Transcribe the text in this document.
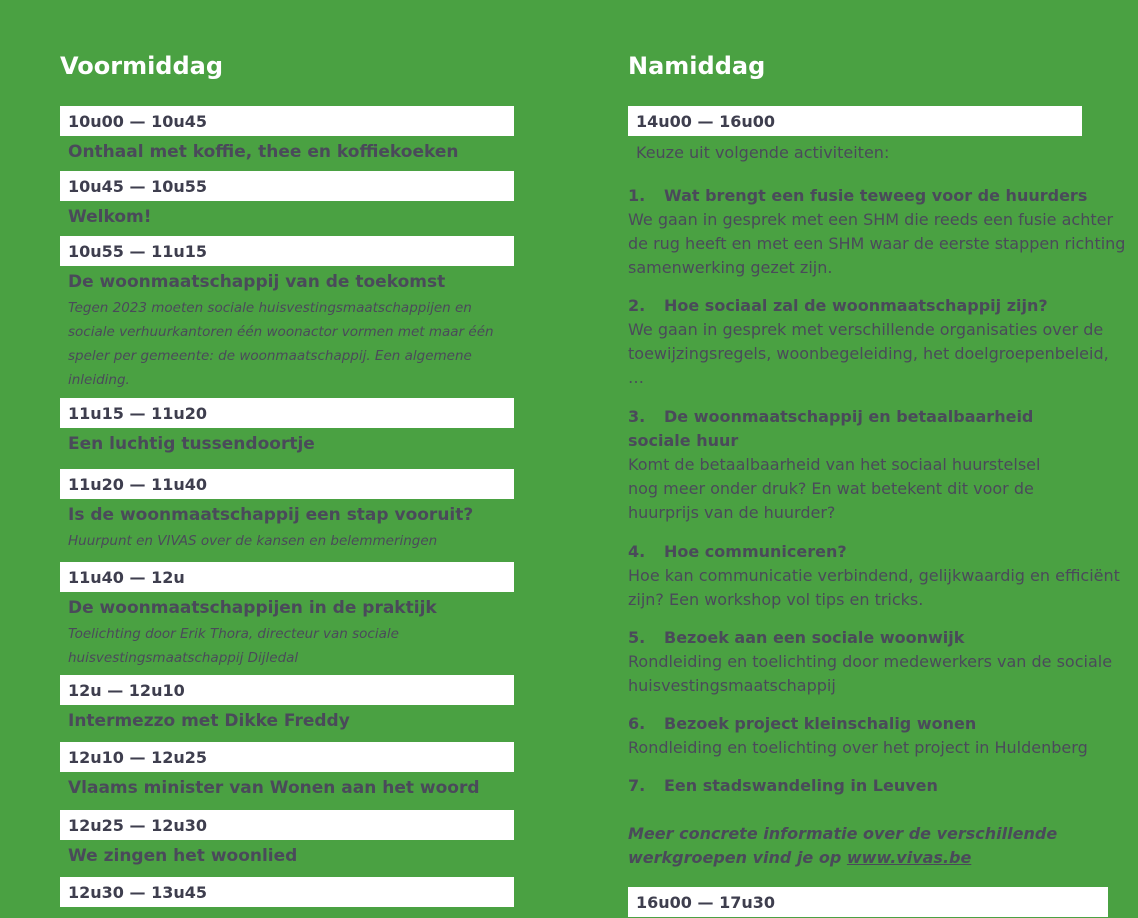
Voormiddag	Namiddag
10u00 — 10u45
Onthaal met koffie, thee en koffiekoeken
10u45 — 10u55
Welkom!
10u55 — 11u15
De woonmaatschappij van de toekomst
Tegen 2023 moeten sociale huisvestingsmaatschappijen en sociale verhuurkantoren één woonactor vormen met maar één speler per gemeente: de woonmaatschappij. Een algemene inleiding.
11u15 — 11u20
Een luchtig tussendoortje
11u20 — 11u40
Is de woonmaatschappij een stap vooruit?
Huurpunt en VIVAS over de kansen en belemmeringen
11u40 — 12u
De woonmaatschappijen in de praktijk
Toelichting door Erik Thora, directeur van sociale huisvestingsmaatschappij Dijledal
12u — 12u10
Intermezzo met Dikke Freddy
12u10 — 12u25
Vlaams minister van Wonen aan het woord
12u25 — 12u30
We zingen het woonlied
12u30 — 13u45
14u00 — 16u00
Keuze uit volgende activiteiten:
1. Wat brengt een fusie teweeg voor de huurders
We gaan in gesprek met een SHM die reeds een fusie achter de rug heeft en met een SHM waar de eerste stappen richting samenwerking gezet zijn.
2. Hoe sociaal zal de woonmaatschappij zijn?
We gaan in gesprek met verschillende organisaties over de toewijzingsregels, woonbegeleiding, het doelgroepenbeleid, …
3. De woonmaatschappij en betaalbaarheid sociale huur
Komt de betaalbaarheid van het sociaal huurstelsel nog meer onder druk? En wat betekent dit voor de huurprijs van de huurder?
4. Hoe communiceren?
Hoe kan communicatie verbindend, gelijkwaardig en efficiënt zijn? Een workshop vol tips en tricks.
5. Bezoek aan een sociale woonwijk
Rondleiding en toelichting door medewerkers van de sociale huisvestingsmaatschappij
6. Bezoek project kleinschalig wonen
Rondleiding en toelichting over het project in Huldenberg
7. Een stadswandeling in Leuven
Meer concrete informatie over de verschillende werkgroepen vind je op www.vivas.be
16u00 — 17u30
